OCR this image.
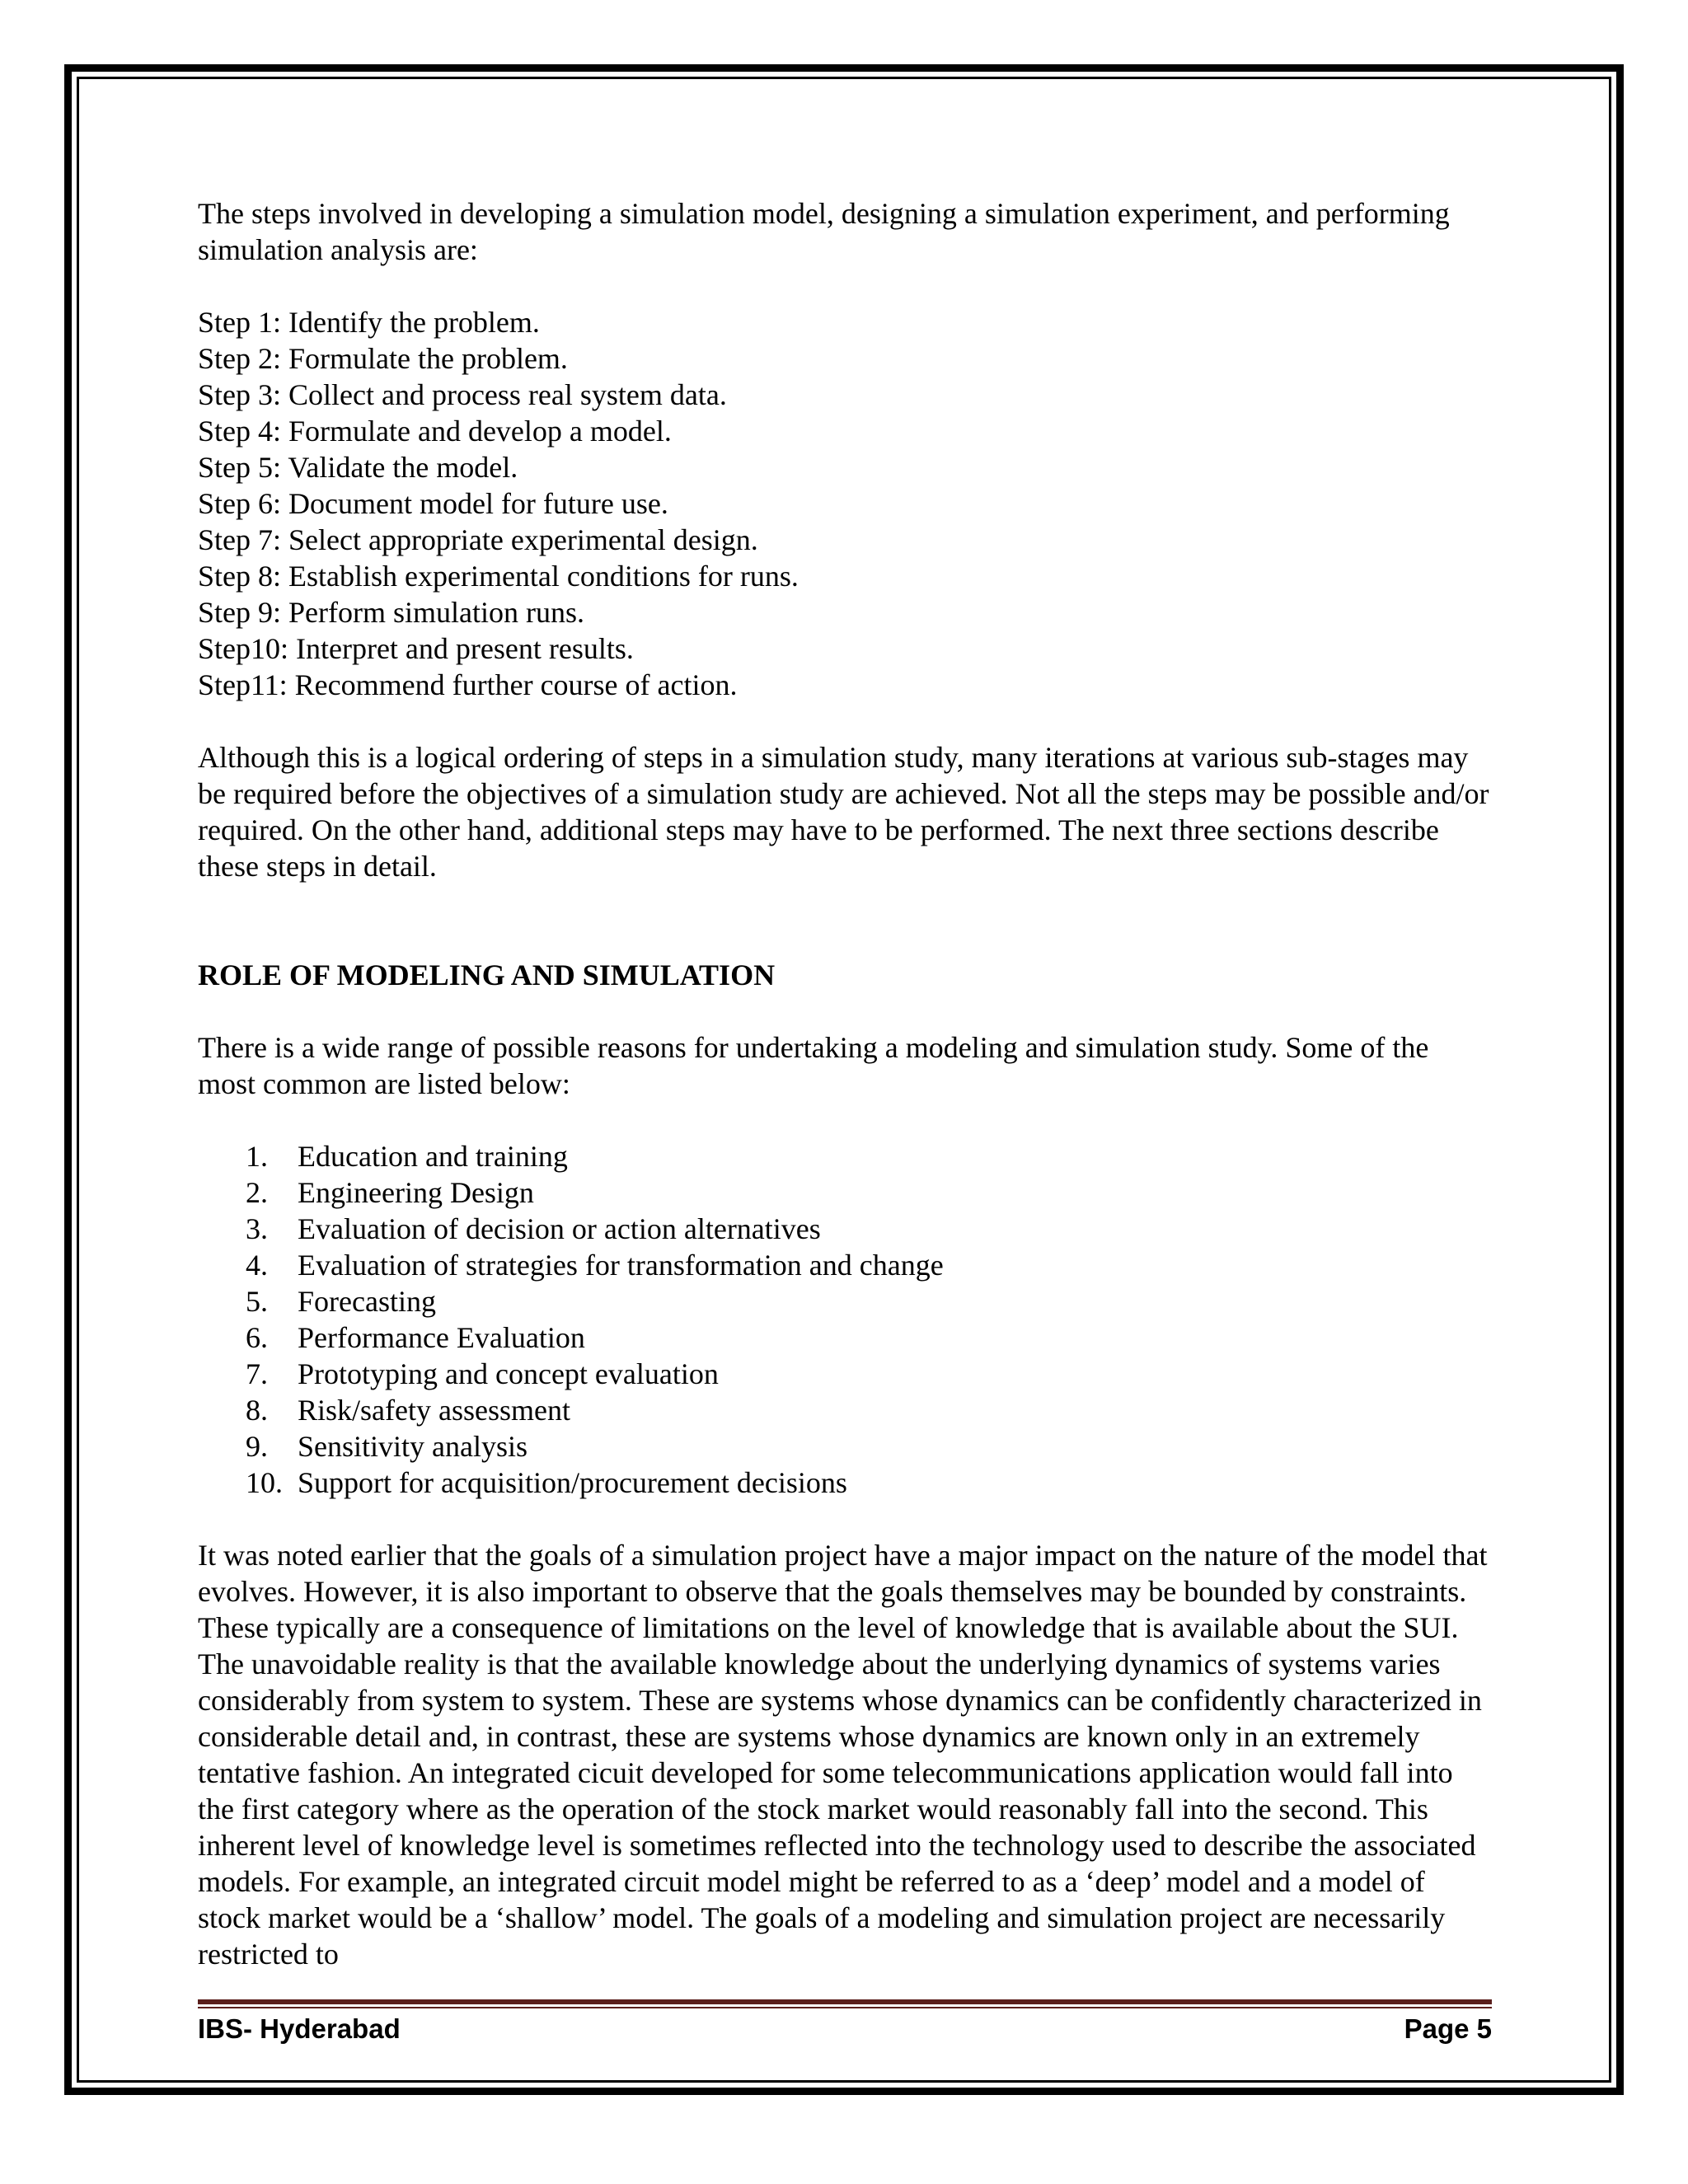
The steps involved in developing a simulation model, designing a simulation experiment, and performing simulation analysis are:

Step 1: Identify the problem.
Step 2: Formulate the problem.
Step 3: Collect and process real system data.
Step 4: Formulate and develop a model.
Step 5: Validate the model.
Step 6: Document model for future use.
Step 7: Select appropriate experimental design.
Step 8: Establish experimental conditions for runs.
Step 9: Perform simulation runs.
Step10: Interpret and present results.
Step11: Recommend further course of action.

Although this is a logical ordering of steps in a simulation study, many iterations at various sub-stages may be required before the objectives of a simulation study are achieved. Not all the steps may be possible and/or required. On the other hand, additional steps may have to be performed. The next three sections describe these steps in detail.

ROLE OF MODELING AND SIMULATION

There is a wide range of possible reasons for undertaking a modeling and simulation study. Some of the most common are listed below:

1.	Education and training
2.	Engineering Design
3.	Evaluation of decision or action alternatives
4.	Evaluation of strategies for transformation and change
5.	Forecasting
6.	Performance Evaluation
7.	Prototyping and concept evaluation
8.	Risk/safety assessment
9.	Sensitivity analysis
10. Support for acquisition/procurement decisions

It was noted earlier that the goals of a simulation project have a major impact on the nature of the model that evolves. However, it is also important to observe that the goals themselves may be bounded by constraints. These typically are a consequence of limitations on the level of knowledge that is available about the SUI. The unavoidable reality is that the available knowledge about the underlying dynamics of systems varies considerably from system to system. These are systems whose dynamics can be confidently characterized in considerable detail and, in contrast, these are systems whose dynamics are known only in an extremely tentative fashion. An integrated cicuit developed for some telecommunications application would fall into the first category where as the operation of the stock market would reasonably fall into the second. This inherent level of knowledge level is sometimes reflected into the technology used to describe the associated models. For example, an integrated circuit model might be referred to as a ‘deep’ model and a model of stock market would be a ‘shallow’ model. The goals of a modeling and simulation project are necessarily restricted to

IBS- Hyderabad	Page 5
